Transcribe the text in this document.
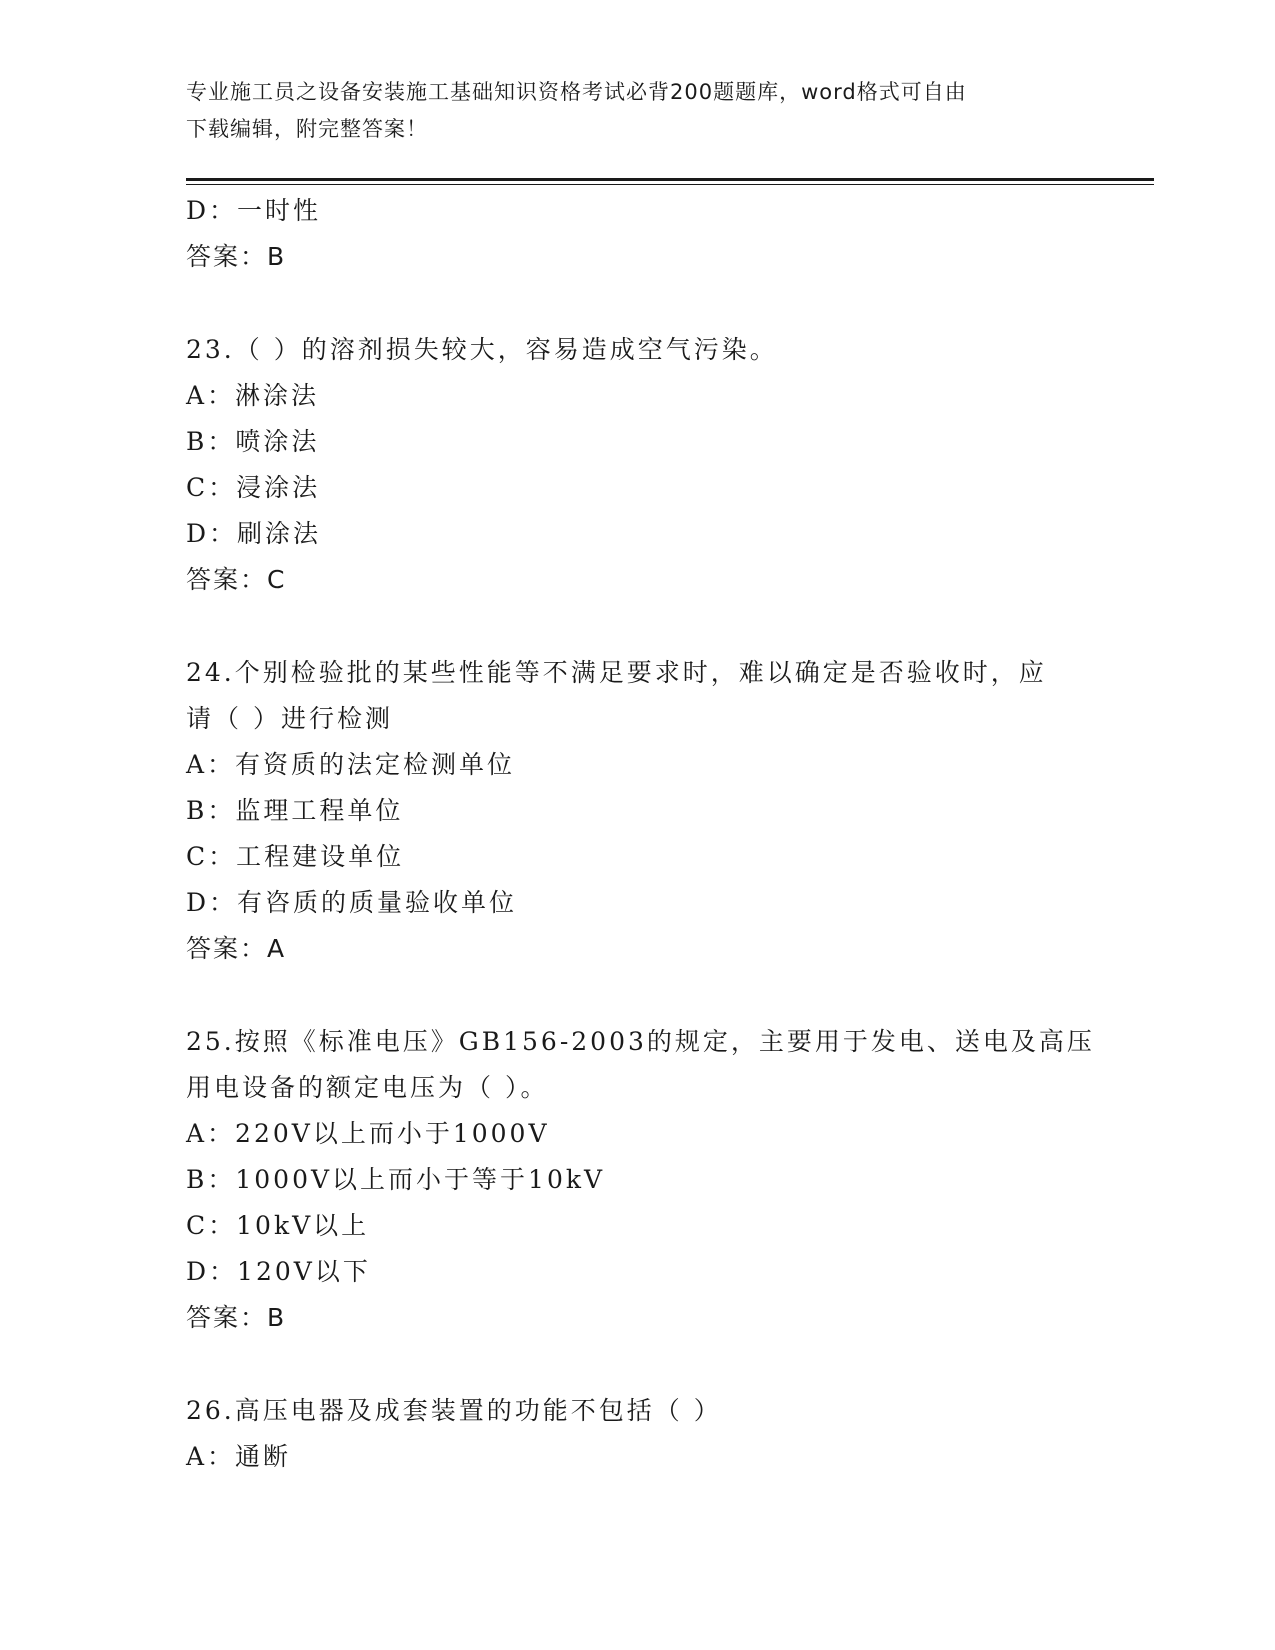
专业施工员之设备安装施工基础知识资格考试必背200题题库，word格式可自由
下载编辑，附完整答案！
D：一时性
答案：B
23.（ ）的溶剂损失较大，容易造成空气污染。
A：淋涂法
B：喷涂法
C：浸涂法
D：刷涂法
答案：C
24.个别检验批的某些性能等不满足要求时，难以确定是否验收时，应
请（ ）进行检测
A：有资质的法定检测单位
B：监理工程单位
C：工程建设单位
D：有咨质的质量验收单位
答案：A
25.按照《标准电压》GB156-2003的规定，主要用于发电、送电及高压
用电设备的额定电压为（ ）。
A：220V以上而小于1000V
B：1000V以上而小于等于10kV
C：10kV以上
D：120V以下
答案：B
26.高压电器及成套装置的功能不包括（ ）
A：通断
